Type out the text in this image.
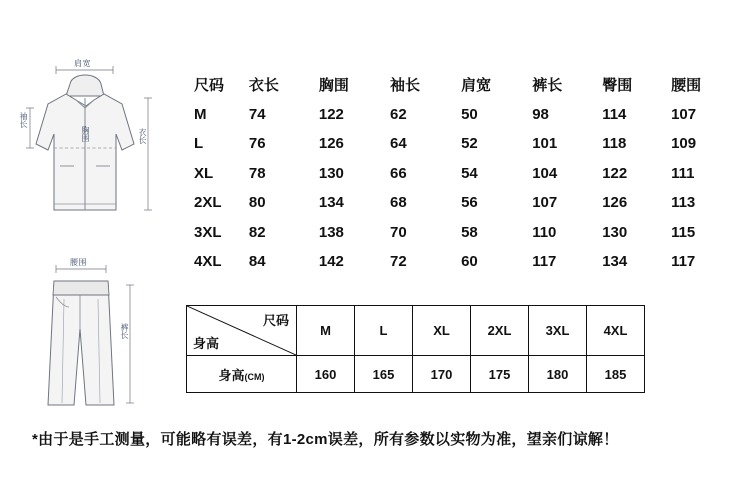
肩宽
袖长
胸围	衣长
腰围
裤长
尺码	衣长	胸围	袖长	肩宽	裤长	臀围	腰围
M	74	122	62	50	98	114	107
L	76	126	64	52	101	118	109
XL	78	130	66	54	104	122	111
2XL	80	134	68	56	107	126	113
3XL	82	138	70	58	110	130	115
4XL	84	142	72	60	117	134	117
尺码
身高	M	L	XL	2XL	3XL	4XL
身高(CM)	160	165	170	175	180	185
*由于是手工测量，可能略有误差，有1-2cm误差，所有参数以实物为准，望亲们谅解！
